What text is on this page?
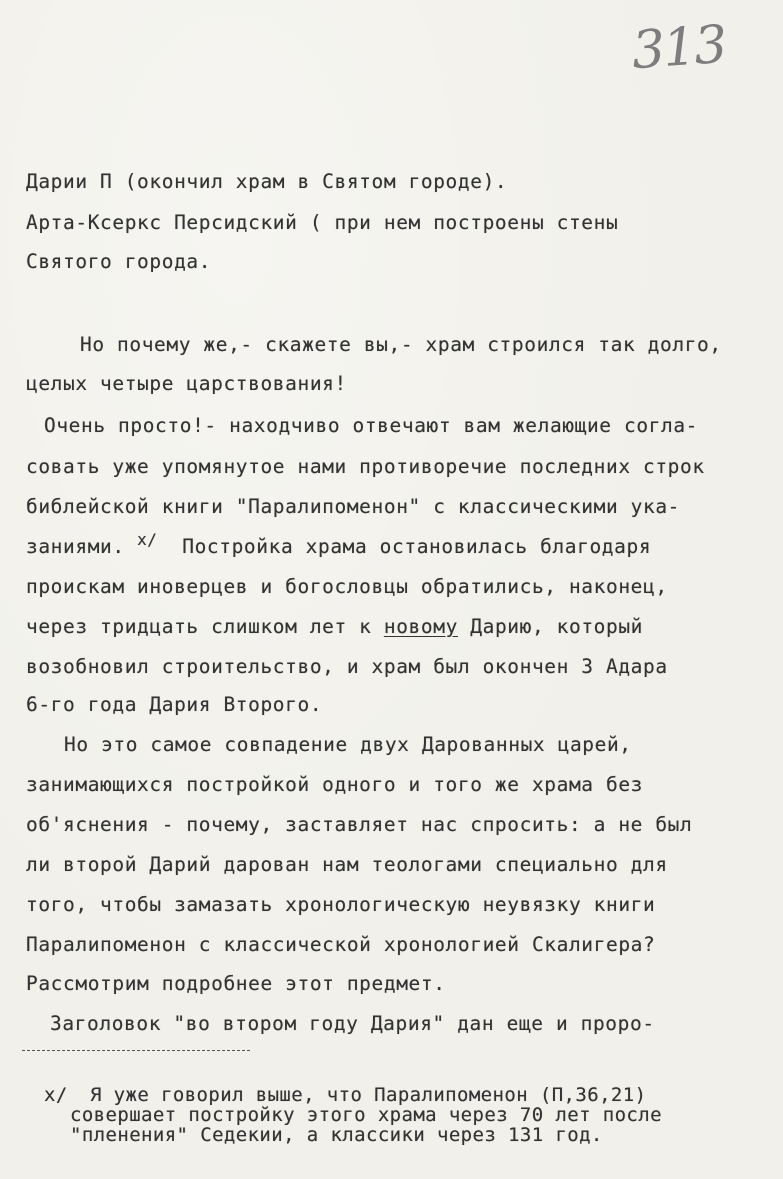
313
Дарии П (окончил храм в Святом городе).
Арта-Ксеркс Персидский ( при нем построены стены
Святого города.
Но почему же,- скажете вы,- храм строился так долго,
целых четыре царствования!
Очень просто!- находчиво отвечают вам желающие согла-
совать уже упомянутое нами противоречие последних строк
библейской книги "Паралипоменон" с классическими ука-
заниями. $^{х/}$ Постройка храма остановилась благодаря
проискам иноверцев и богословцы обратились, наконец,
через тридцать слишком лет к новому Дарию, который
возобновил строительство, и храм был окончен 3 Адара
6-го года Дария Второго.
Но это самое совпадение двух Дарованных царей,
занимающихся постройкой одного и того же храма без
об'яснения - почему, заставляет нас спросить: а не был
ли второй Дарий дарован нам теологами специально для
того, чтобы замазать хронологическую неувязку книги
Паралипоменон с классической хронологией Скалигера?
Рассмотрим подробнее этот предмет.
Заголовок "во втором году Дария" дан еще и проро-
х/ Я уже говорил выше, что Паралипоменон (П,36,21)
совершает постройку этого храма через 70 лет после
"пленения" Седекии, а классики через 131 год.
